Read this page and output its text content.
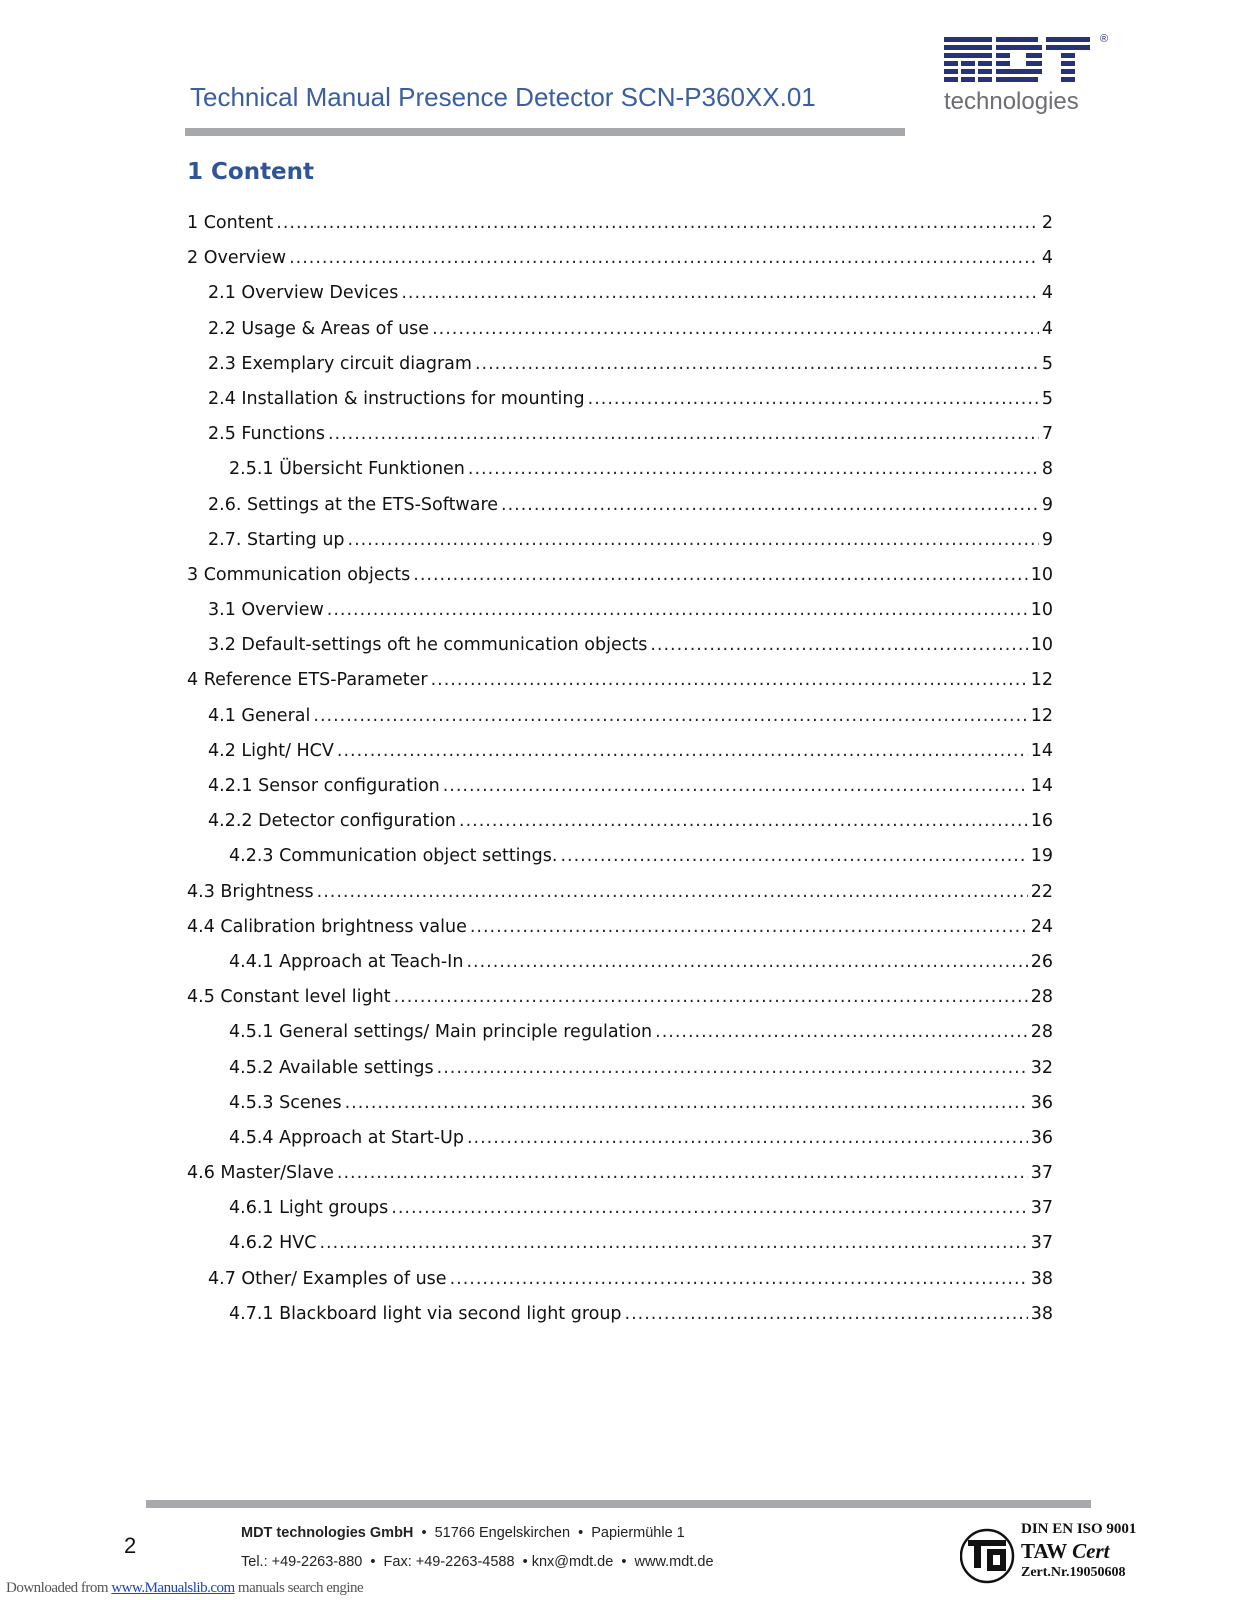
Technical Manual Presence Detector SCN-P360XX.01
®
technologies
1 Content
1 Content .....	2
2 Overview .....	4
2.1 Overview Devices .....	4
2.2 Usage & Areas of use .....	4
2.3 Exemplary circuit diagram .....	5
2.4 Installation & instructions for mounting .....	5
2.5 Functions .....	7
2.5.1 Übersicht Funktionen .....	8
2.6. Settings at the ETS-Software .....	9
2.7. Starting up .....	9
3 Communication objects .....	10
3.1 Overview .....	10
3.2 Default-settings oft he communication objects .....	10
4 Reference ETS-Parameter .....	12
4.1 General .....	12
4.2 Light/ HCV .....	14
4.2.1 Sensor configuration .....	14
4.2.2 Detector configuration .....	16
4.2.3 Communication object settings. .....	19
4.3 Brightness .....	22
4.4 Calibration brightness value .....	24
4.4.1 Approach at Teach-In .....	26
4.5 Constant level light .....	28
4.5.1 General settings/ Main principle regulation .....	28
4.5.2 Available settings .....	32
4.5.3 Scenes .....	36
4.5.4 Approach at Start-Up .....	36
4.6 Master/Slave .....	37
4.6.1 Light groups .....	37
4.6.2 HVC .....	37
4.7 Other/ Examples of use .....	38
4.7.1 Blackboard light via second light group .....	38
2	MDT technologies GmbH  •  51766 Engelskirchen  •  Papiermühle 1
Tel.: +49-2263-880  •  Fax: +49-2263-4588  • knx@mdt.de  •  www.mdt.de
DIN EN ISO 9001
TAW Cert
Zert.Nr.19050608
Downloaded from www.Manualslib.com manuals search engine
